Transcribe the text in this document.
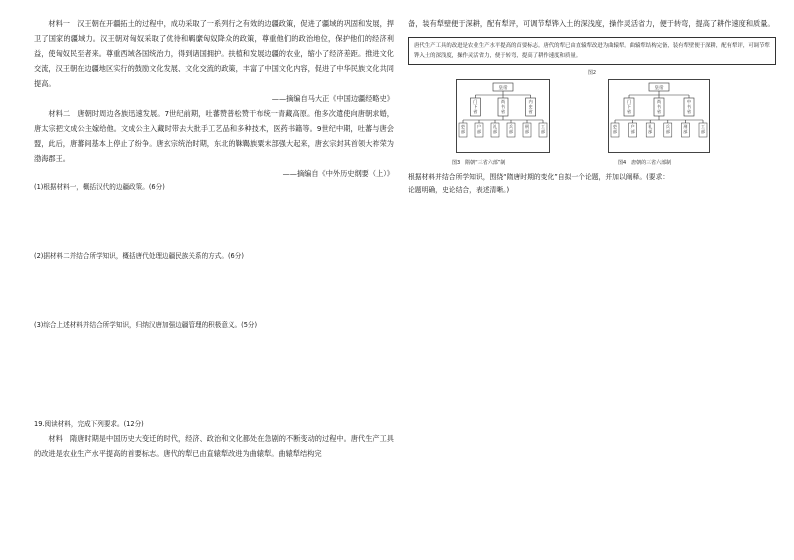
材料一　汉王朝在开疆拓土的过程中，成功采取了一系列行之有效的边疆政策，促进了疆域的巩固和发展，捍卫了国家的疆域力。汉王朝对匈奴采取了优待和羁縻匈奴降众的政策，尊重他们的政治地位，保护他们的经济利益，使匈奴民至者来。尊重西域各国统治力，得到诸国拥护。扶植和发展边疆的农业，缩小了经济差距。推进文化交流，汉王朝在边疆地区实行的鼓励文化发展、文化交流的政策，丰富了中国文化内容，促进了中华民族文化共同提高。

——摘编自马大正《中国边疆经略史》

材料二　唐朝时周边各族迅速发展。7世纪前期，吐蕃赞普松赞干布统一青藏高原。他多次遣使向唐朝求婚，唐太宗把文成公主嫁给他。文成公主入藏时带去大批手工艺品和多种技术，医药书籍等。9世纪中期，吐蕃与唐会盟，此后，唐蕃间基本上停止了纷争。唐玄宗统治时期，东北的靺鞨族粟末部强大起来，唐玄宗封其首领大祚荣为渤海郡王。

——摘编自《中外历史纲要（上）》

(1)根据材料一，概括汉代的边疆政策。(6分)

(2)据材料二并结合所学知识，概括唐代处理边疆民族关系的方式。(6分)

(3)综合上述材料并结合所学知识，归纳汉唐加强边疆管理的积极意义。(5分)

19.阅读材料，完成下列要求。(12分)

材料　隋唐时期是中国历史大变迁的时代，经济、政治和文化都处在急剧的不断变动的过程中。唐代生产工具的改进是农业生产水平提高的首要标志。唐代的犁已由直辕犁改进为曲辕犁。曲辕犁结构完

备，装有犁壁便于深耕，配有犁评，可调节犁铧入土的深浅度，操作灵活省力，便于转弯，提高了耕作速度和质量。

唐代生产工具的改进是农业生产水平提高的首要标志。唐代的犁已由直辕犁改进为曲辕犁。曲辕犁结构完备，装有犁壁便于深耕，配有犁评，可调节犁铧入土的深浅度，操作灵活省力，便于转弯，提高了耕作速度和质量。
图2
皇帝
门下省
尚书省
内史省
吏部
户部
礼部
兵部
刑部
工部
皇帝
门下省
尚书省
中书省
吏部
户部
礼部
兵部
刑部
工部
图3　隋朝“三省六部”制	图4　唐朝的三省六部制

根据材料并结合所学知识，围绕“隋唐时期的变化”自拟一个论题，并加以阐释。(要求：

论题明确，史论结合，表述清晰。)
